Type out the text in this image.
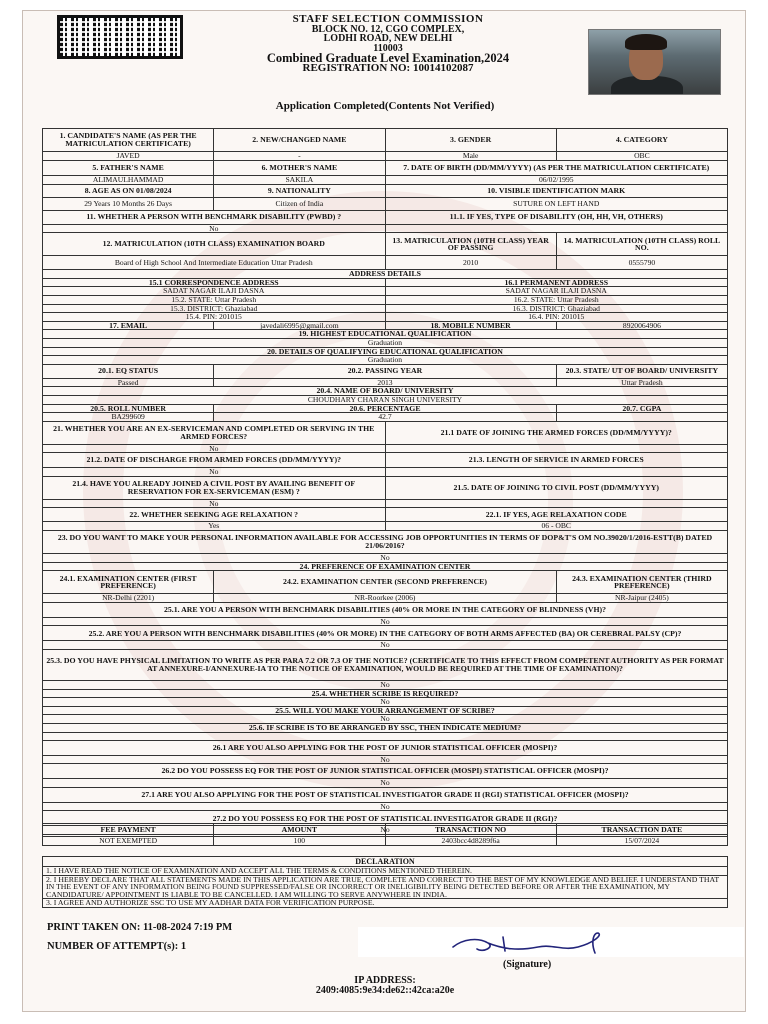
STAFF SELECTION COMMISSION
BLOCK NO. 12, CGO COMPLEX,
LODHI ROAD, NEW DELHI
110003
Combined Graduate Level Examination,2024
REGISTRATION NO: 10014102087
Application Completed(Contents Not Verified)
1. CANDIDATE'S NAME (AS PER THE MATRICULATION CERTIFICATE)	2. NEW/CHANGED NAME	3. GENDER	4. CATEGORY
JAVED	-	Male	OBC
5. FATHER'S NAME	6. MOTHER'S NAME	7. DATE OF BIRTH (DD/MM/YYYY) (AS PER THE MATRICULATION CERTIFICATE)	
ALIMAULHAMMAD	SAKILA	06/02/1995	
8. AGE AS ON 01/08/2024	9. NATIONALITY	10. VISIBLE IDENTIFICATION MARK	
29 Years 10 Months 26 Days	Citizen of India	SUTURE ON LEFT HAND	
11. WHETHER A PERSON WITH BENCHMARK DISABILITY (PWBD) ?		11.1. IF YES, TYPE OF DISABILITY (OH, HH, VH, OTHERS)	
No			
12. MATRICULATION (10TH CLASS) EXAMINATION BOARD		13. MATRICULATION (10TH CLASS) YEAR OF PASSING	14. MATRICULATION (10TH CLASS) ROLL NO.
Board of High School And Intermediate Education Uttar Pradesh		2010	0555790
ADDRESS DETAILS			
15.1 CORRESPONDENCE ADDRESS		16.1 PERMANENT ADDRESS	
SADAT NAGAR ILAJI DASNA		SADAT NAGAR ILAJI DASNA	
15.2. STATE: Uttar Pradesh		16.2. STATE: Uttar Pradesh	
15.3. DISTRICT: Ghaziabad		16.3. DISTRICT: Ghaziabad	
15.4. PIN: 201015		16.4. PIN: 201015	
17. EMAIL	javedali6995@gmail.com	18. MOBILE NUMBER	8920064906
19. HIGHEST EDUCATIONAL QUALIFICATION			
Graduation			
20. DETAILS OF QUALIFYING EDUCATIONAL QUALIFICATION			
Graduation			
20.1. EQ STATUS	20.2. PASSING YEAR		20.3. STATE/ UT OF BOARD/ UNIVERSITY
Passed	2013		Uttar Pradesh
20.4. NAME OF BOARD/ UNIVERSITY			
CHOUDHARY CHARAN SINGH UNIVERSITY			
20.5. ROLL NUMBER	20.6. PERCENTAGE		20.7. CGPA
BA299609	42.7		
21. WHETHER YOU ARE AN EX-SERVICEMAN AND COMPLETED OR SERVING IN THE ARMED FORCES?		21.1 DATE OF JOINING THE ARMED FORCES (DD/MM/YYYY)?	
No			
21.2. DATE OF DISCHARGE FROM ARMED FORCES (DD/MM/YYYY)?		21.3. LENGTH OF SERVICE IN ARMED FORCES	
No			
21.4. HAVE YOU ALREADY JOINED A CIVIL POST BY AVAILING BENEFIT OF RESERVATION FOR EX-SERVICEMAN (ESM) ?		21.5. DATE OF JOINING TO CIVIL POST (DD/MM/YYYY)	
No			
22. WHETHER SEEKING AGE RELAXATION ?		22.1. IF YES, AGE RELAXATION CODE	
Yes		06 - OBC	
23. DO YOU WANT TO MAKE YOUR PERSONAL INFORMATION AVAILABLE FOR ACCESSING JOB OPPORTUNITIES IN TERMS OF DOP&T'S OM NO.39020/1/2016-ESTT(B) DATED 21/06/2016?			
No			
24. PREFERENCE OF EXAMINATION CENTER			
24.1. EXAMINATION CENTER (FIRST PREFERENCE)	24.2. EXAMINATION CENTER (SECOND PREFERENCE)		24.3. EXAMINATION CENTER (THIRD PREFERENCE)
NR-Delhi (2201)	NR-Roorkee (2006)		NR-Jaipur (2405)
25.1. ARE YOU A PERSON WITH BENCHMARK DISABILITIES (40% OR MORE IN THE CATEGORY OF BLINDNESS (VH)?			
No			
25.2. ARE YOU A PERSON WITH BENCHMARK DISABILITIES (40% OR MORE) IN THE CATEGORY OF BOTH ARMS AFFECTED (BA) OR CEREBRAL PALSY (CP)?			
No			
25.3. DO YOU HAVE PHYSICAL LIMITATION TO WRITE AS PER PARA 7.2 OR 7.3 OF THE NOTICE? (CERTIFICATE TO THIS EFFECT FROM COMPETENT AUTHORITY AS PER FORMAT AT ANNEXURE-I/ANNEXURE-IA TO THE NOTICE OF EXAMINATION, WOULD BE REQUIRED AT THE TIME OF EXAMINATION)?			
No			
25.4. WHETHER SCRIBE IS REQUIRED?			
No			
25.5. WILL YOU MAKE YOUR ARRANGEMENT OF SCRIBE?			
No			
25.6. IF SCRIBE IS TO BE ARRANGED BY SSC, THEN INDICATE MEDIUM?			

26.1 ARE YOU ALSO APPLYING FOR THE POST OF JUNIOR STATISTICAL OFFICER (MOSPI)?			
No			
26.2 DO YOU POSSESS EQ FOR THE POST OF JUNIOR STATISTICAL OFFICER (MOSPI) STATISTICAL OFFICER (MOSPI)?			
No			
27.1 ARE YOU ALSO APPLYING FOR THE POST OF STATISTICAL INVESTIGATOR GRADE II (RGI) STATISTICAL OFFICER (MOSPI)?			
No			
27.2 DO YOU POSSESS EQ FOR THE POST OF STATISTICAL INVESTIGATOR GRADE II (RGI)?			
No			
FEE PAYMENT	AMOUNT	TRANSACTION NO	TRANSACTION DATE
NOT EXEMPTED	100	2403bcc4d8289f6a	15/07/2024
DECLARATION

1. I HAVE READ THE NOTICE OF EXAMINATION AND ACCEPT ALL THE TERMS & CONDITIONS MENTIONED THEREIN.

2. I HEREBY DECLARE THAT ALL STATEMENTS MADE IN THIS APPLICATION ARE TRUE, COMPLETE AND CORRECT TO THE BEST OF MY KNOWLEDGE AND BELIEF. I UNDERSTAND THAT IN THE EVENT OF ANY INFORMATION BEING FOUND SUPPRESSED/FALSE OR INCORRECT OR INELIGIBILITY BEING DETECTED BEFORE OR AFTER THE EXAMINATION, MY CANDIDATURE/ APPOINTMENT IS LIABLE TO BE CANCELLED. I AM WILLING TO SERVE ANYWHERE IN INDIA.

3. I AGREE AND AUTHORIZE SSC TO USE MY AADHAR DATA FOR VERIFICATION PURPOSE.

PRINT TAKEN ON: 11-08-2024 7:19 PM
NUMBER OF ATTEMPT(s): 1
(Signature)
IP ADDRESS:
2409:4085:9e34:de62::42ca:a20e
